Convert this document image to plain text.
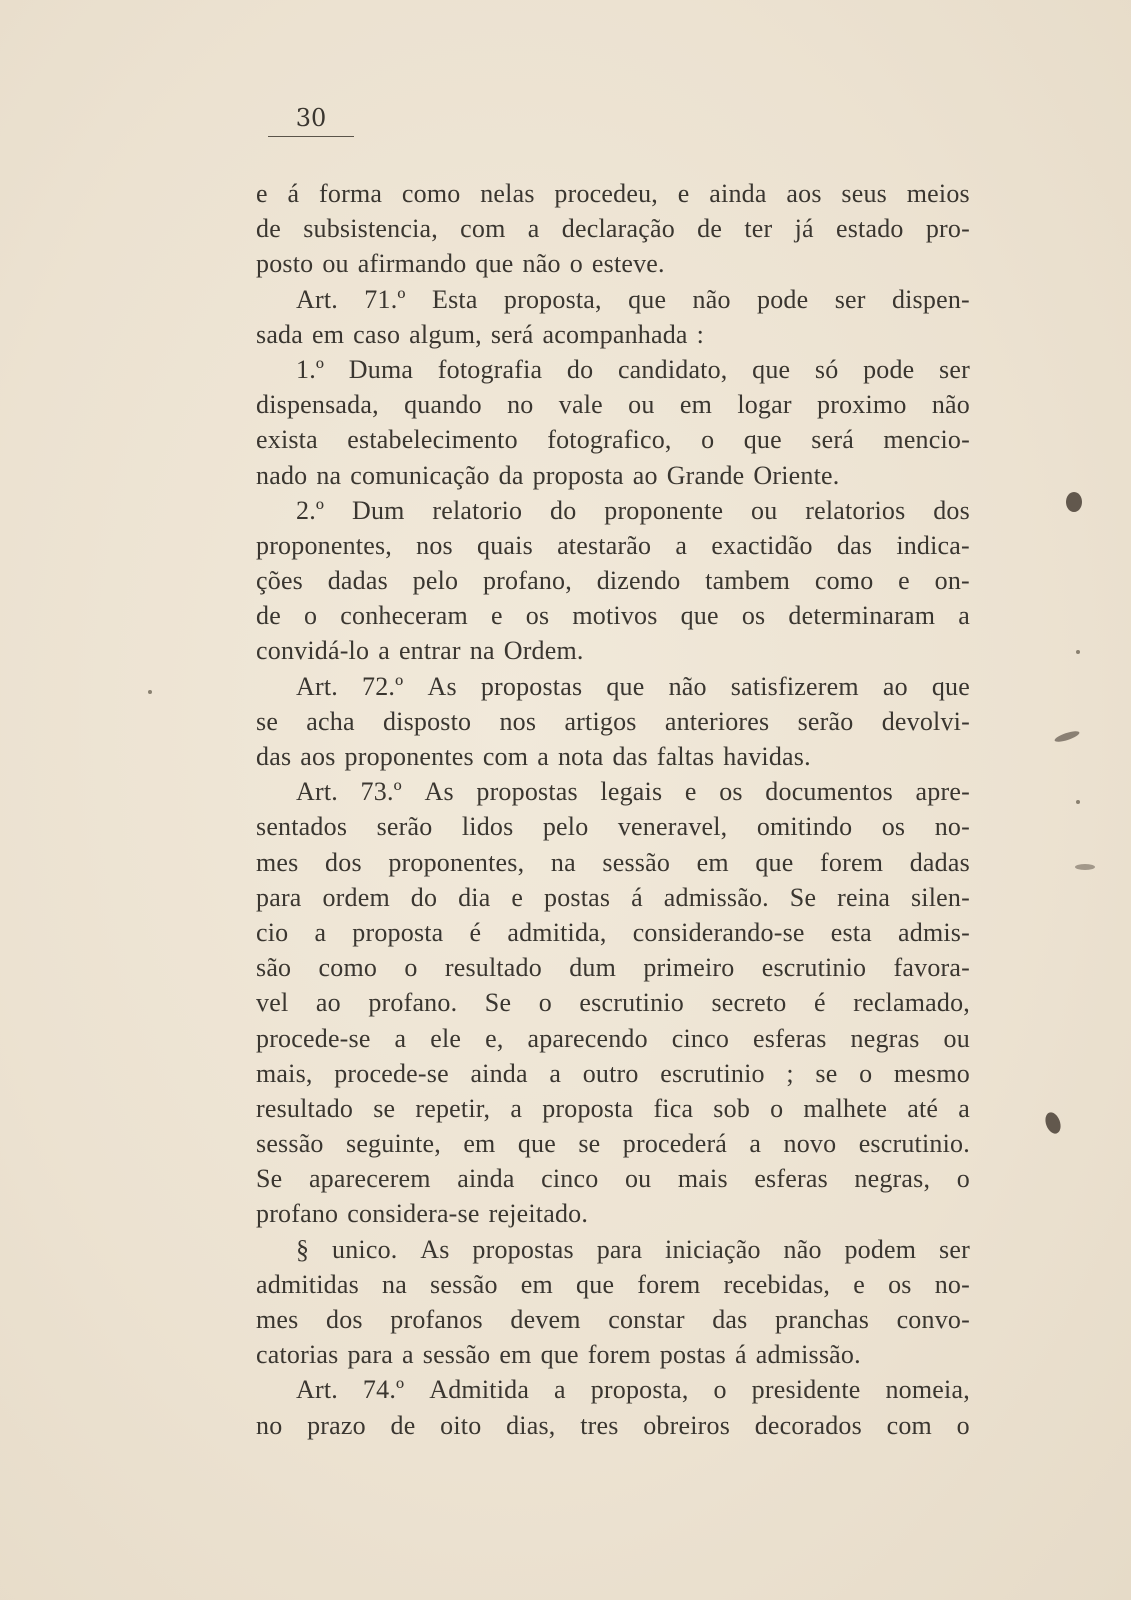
30
e á forma como nelas procedeu, e ainda aos seus meios
de subsistencia, com a declaração de ter já estado pro-
posto ou afirmando que não o esteve.
Art. 71.º Esta proposta, que não pode ser dispen-
sada em caso algum, será acompanhada :
1.º Duma fotografia do candidato, que só pode ser
dispensada, quando no vale ou em logar proximo não
exista estabelecimento fotografico, o que será mencio-
nado na comunicação da proposta ao Grande Oriente.
2.º Dum relatorio do proponente ou relatorios dos
proponentes, nos quais atestarão a exactidão das indica-
ções dadas pelo profano, dizendo tambem como e on-
de o conheceram e os motivos que os determinaram a
convidá-lo a entrar na Ordem.
Art. 72.º As propostas que não satisfizerem ao que
se acha disposto nos artigos anteriores serão devolvi-
das aos proponentes com a nota das faltas havidas.
Art. 73.º As propostas legais e os documentos apre-
sentados serão lidos pelo veneravel, omitindo os no-
mes dos proponentes, na sessão em que forem dadas
para ordem do dia e postas á admissão. Se reina silen-
cio a proposta é admitida, considerando-se esta admis-
são como o resultado dum primeiro escrutinio favora-
vel ao profano. Se o escrutinio secreto é reclamado,
procede-se a ele e, aparecendo cinco esferas negras ou
mais, procede-se ainda a outro escrutinio ; se o mesmo
resultado se repetir, a proposta fica sob o malhete até a
sessão seguinte, em que se procederá a novo escrutinio.
Se aparecerem ainda cinco ou mais esferas negras, o
profano considera-se rejeitado.
§ unico. As propostas para iniciação não podem ser
admitidas na sessão em que forem recebidas, e os no-
mes dos profanos devem constar das pranchas convo-
catorias para a sessão em que forem postas á admissão.
Art. 74.º Admitida a proposta, o presidente nomeia,
no prazo de oito dias, tres obreiros decorados com o
